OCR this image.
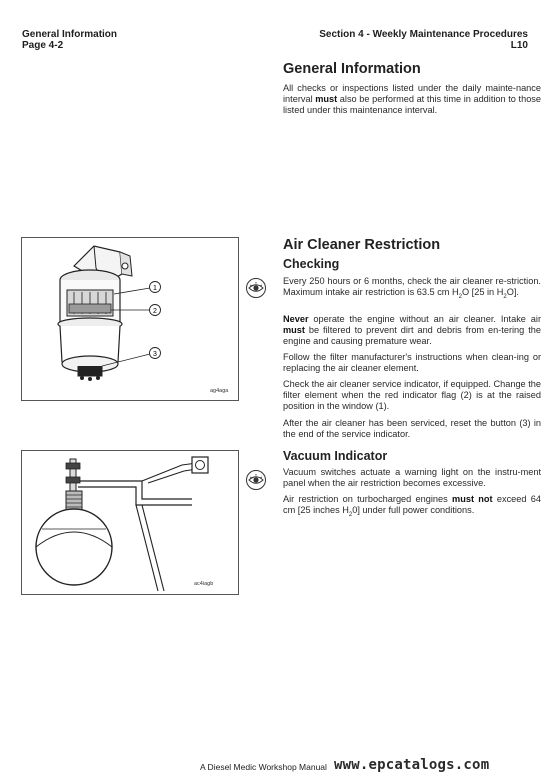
General Information
Page 4-2
Section 4 - Weekly Maintenance Procedures
L10
General Information
All checks or inspections listed under the daily mainte-nance interval must also be performed at this time in addition to those listed under this maintenance interval.
Air Cleaner Restriction
Checking
Every 250 hours or 6 months, check the air cleaner re-striction. Maximum intake air restriction is 63.5 cm $H_2O$ [25 in $H_2O$].
Never operate the engine without an air cleaner. Intake air must be filtered to prevent dirt and debris from en-tering the engine and causing premature wear.
Follow the filter manufacturer's instructions when clean-ing or replacing the air cleaner element.
Check the air cleaner service indicator, if equipped. Change the filter element when the red indicator flag (2) is at the raised position in the window (1).
After the air cleaner has been serviced, reset the button (3) in the end of the service indicator.
Vacuum Indicator
Vacuum switches actuate a warning light on the instru-ment panel when the air restriction becomes excessive.
Air restriction on turbocharged engines must not exceed 64 cm [25 inches $H_20$] under full power conditions.
1
2
3
ag4aga
ac4iagb
A Diesel Medic Workshop Manual www.epcatalogs.com
